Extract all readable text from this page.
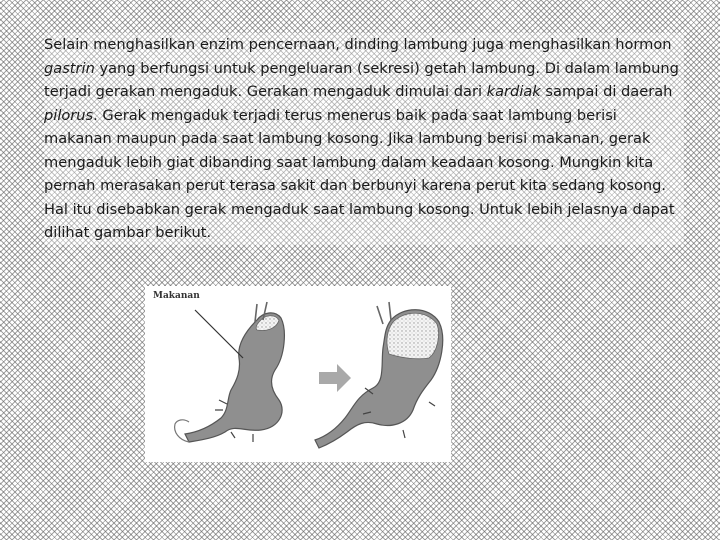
Selain menghasilkan enzim pencernaan, dinding lambung juga menghasilkan hormon gastrin yang berfungsi untuk pengeluaran (sekresi) getah lambung. Di dalam lambung terjadi gerakan mengaduk. Gerakan mengaduk dimulai dari kardiak sampai di daerah pilorus. Gerak mengaduk terjadi terus menerus baik pada saat lambung berisi makanan maupun pada saat lambung kosong. Jika lambung berisi makanan, gerak mengaduk lebih giat dibanding saat lambung dalam keadaan kosong. Mungkin kita pernah merasakan perut terasa sakit dan berbunyi karena perut kita sedang kosong. Hal itu disebabkan gerak mengaduk saat lambung kosong. Untuk lebih jelasnya dapat dilihat gambar berikut.

Makanan
